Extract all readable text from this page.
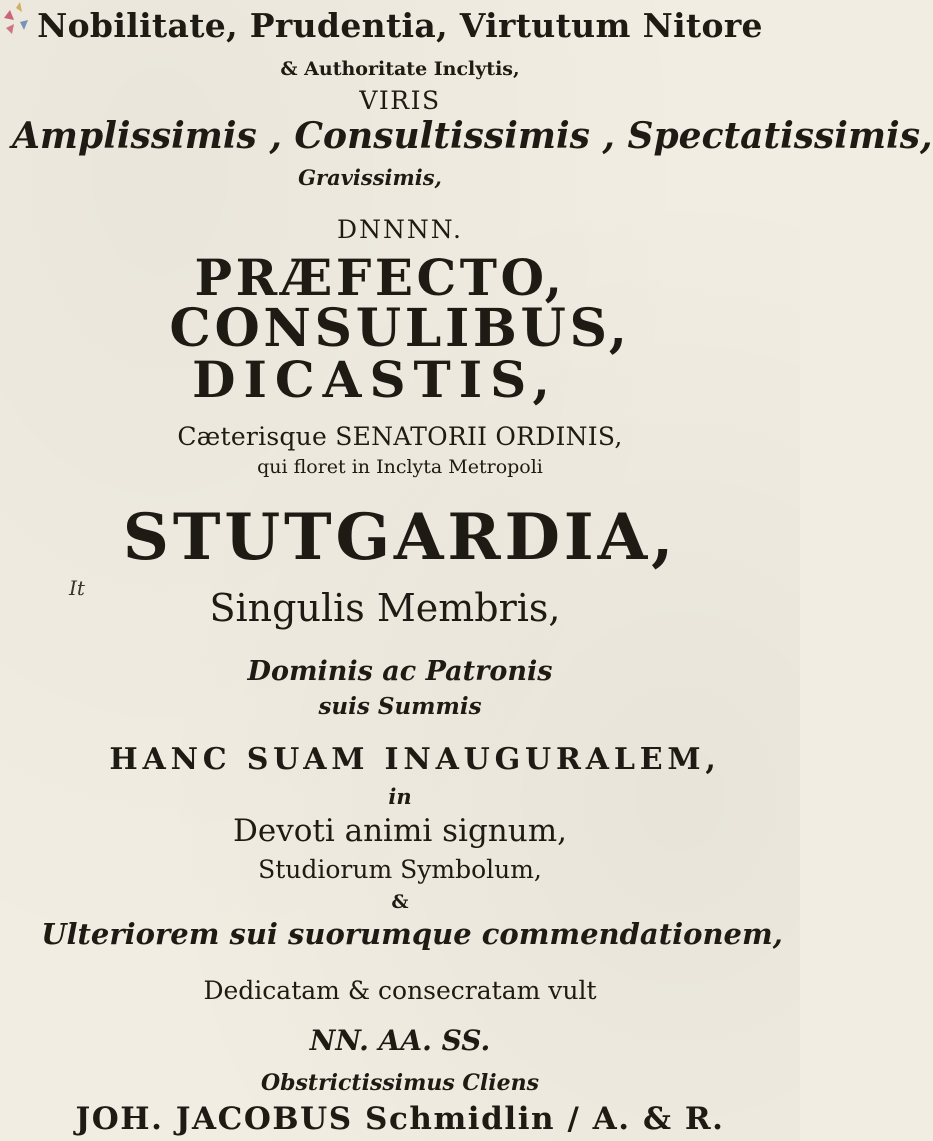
Nobilitate, Prudentia, Virtutum Nitore
& Authoritate Inclytis,
VIRIS
Amplissimis , Consultissimis , Spectatissimis,
Gravissimis,
DNNNN.
PRÆFECTO,
CONSULIBUS,
DICASTIS,
Cæterisque SENATORII ORDINIS,
qui floret in Inclyta Metropoli
STUTGARDIA,
Singulis Membris,
Dominis ac Patronis
suis Summis
HANC SUAM INAUGURALEM,
in
Devoti animi signum,
Studiorum Symbolum,
&
Ulteriorem sui suorumque commendationem,
Dedicatam & consecratam vult
NN. AA. SS.
Obstrictissimus Cliens
JOH. JACOBUS Schmidlin / A. & R.
It
